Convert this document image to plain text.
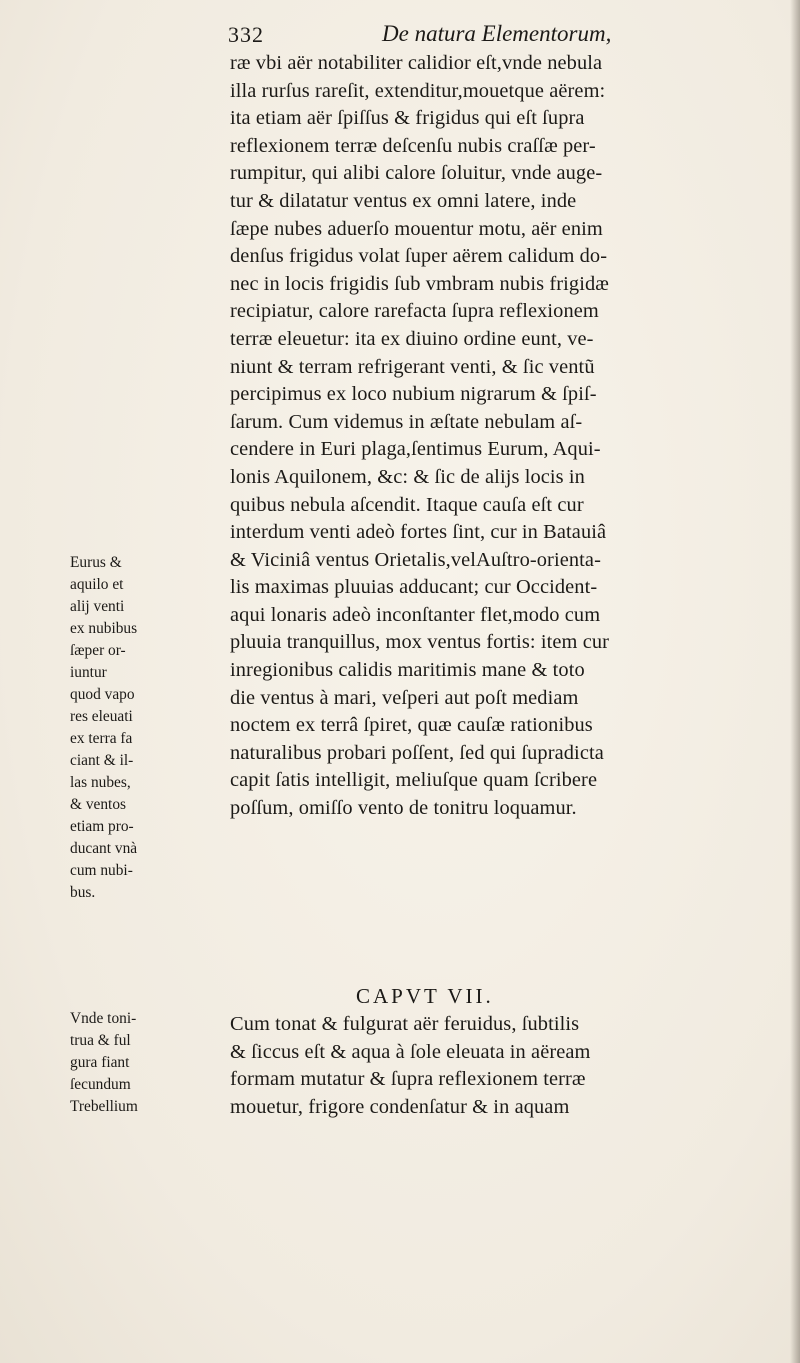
332	De natura Elementorum,
ræ vbi aër notabiliter calidior eſt,vnde nebula
illa rurſus rareſit, extenditur,mouetque aërem:
ita etiam aër ſpiſſus & frigidus qui eſt ſupra
reflexionem terræ deſcenſu nubis craſſæ per-
rumpitur, qui alibi calore ſoluitur, vnde auge-
tur & dilatatur ventus ex omni latere, inde
ſæpe nubes aduerſo mouentur motu, aër enim
denſus frigidus volat ſuper aërem calidum do-
nec in locis frigidis ſub vmbram nubis frigidæ
recipiatur, calore rarefacta ſupra reflexionem
terræ eleuetur: ita ex diuino ordine eunt, ve-
niunt & terram refrigerant venti, & ſic ventũ
percipimus ex loco nubium nigrarum & ſpiſ-
ſarum. Cum videmus in æſtate nebulam aſ-
cendere in Euri plaga,ſentimus Eurum, Aqui-
lonis Aquilonem, &c: & ſic de alijs locis in
quibus nebula aſcendit. Itaque cauſa eſt cur
interdum venti adeò fortes ſint, cur in Batauiâ
& Viciniâ ventus Orietalis,velAuſtro-orienta-
lis maximas pluuias adducant; cur Occident-
aqui lonaris adeò inconſtanter flet,modo cum
pluuia tranquillus, mox ventus fortis: item cur
inregionibus calidis maritimis mane & toto
die ventus à mari, veſperi aut poſt mediam
noctem ex terrâ ſpiret, quæ cauſæ rationibus
naturalibus probari poſſent, ſed qui ſupradicta
capit ſatis intelligit, meliuſque quam ſcribere
poſſum, omiſſo vento de tonitru loquamur.
CAPVT VII.
Cum tonat & fulgurat aër feruidus, ſubtilis
& ſiccus eſt & aqua à ſole eleuata in aëream
formam mutatur & ſupra reflexionem terræ
mouetur, frigore condenſatur & in aquam
Eurus &
aquilo et
alij venti
ex nubibus
ſæper or-
iuntur
quod vapo
res eleuati
ex terra fa
ciant & il-
las nubes,
& ventos
etiam pro-
ducant vnà
cum nubi-
bus.
Vnde toni-
trua & ful
gura fiant
ſecundum
Trebellium
